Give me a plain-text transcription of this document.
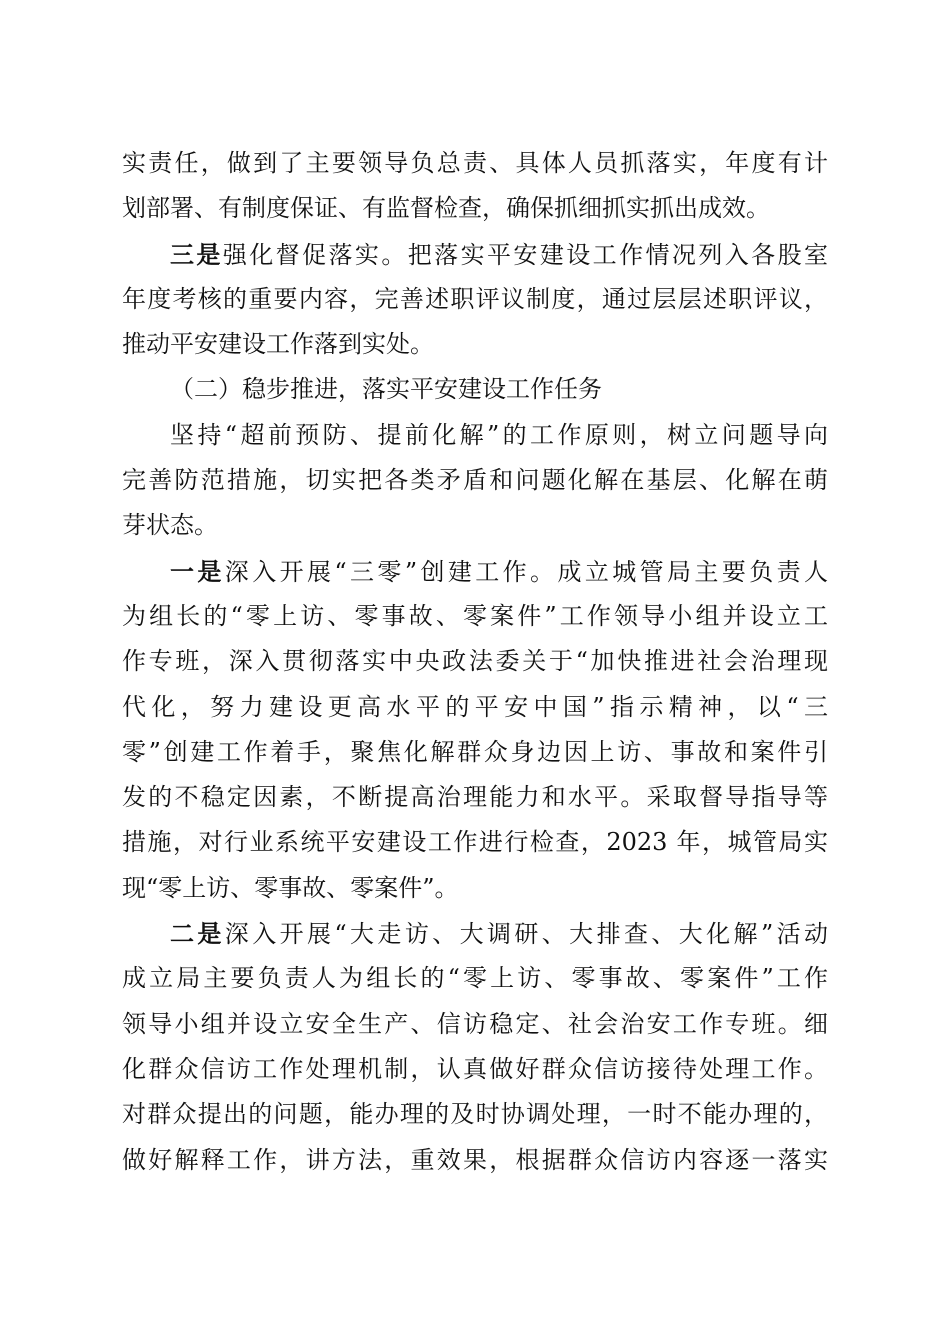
实责任，做到了主要领导负总责、具体人员抓落实，年度有计
划部署、有制度保证、有监督检查，确保抓细抓实抓出成效。
三是强化督促落实。把落实平安建设工作情况列入各股室
年度考核的重要内容，完善述职评议制度，通过层层述职评议，
推动平安建设工作落到实处。
（二）稳步推进，落实平安建设工作任务
坚持“超前预防、提前化解”的工作原则，树立问题导向
完善防范措施，切实把各类矛盾和问题化解在基层、化解在萌
芽状态。
一是深入开展“三零”创建工作。成立城管局主要负责人
为组长的“零上访、零事故、零案件”工作领导小组并设立工
作专班，深入贯彻落实中央政法委关于“加快推进社会治理现
代化，努力建设更高水平的平安中国”指示精神，以“三
零”创建工作着手，聚焦化解群众身边因上访、事故和案件引
发的不稳定因素，不断提高治理能力和水平。采取督导指导等
措施，对行业系统平安建设工作进行检查，2023 年，城管局实
现“零上访、零事故、零案件”。
二是深入开展“大走访、大调研、大排查、大化解”活动
成立局主要负责人为组长的“零上访、零事故、零案件”工作
领导小组并设立安全生产、信访稳定、社会治安工作专班。细
化群众信访工作处理机制，认真做好群众信访接待处理工作。
对群众提出的问题，能办理的及时协调处理，一时不能办理的，
做好解释工作，讲方法，重效果，根据群众信访内容逐一落实
